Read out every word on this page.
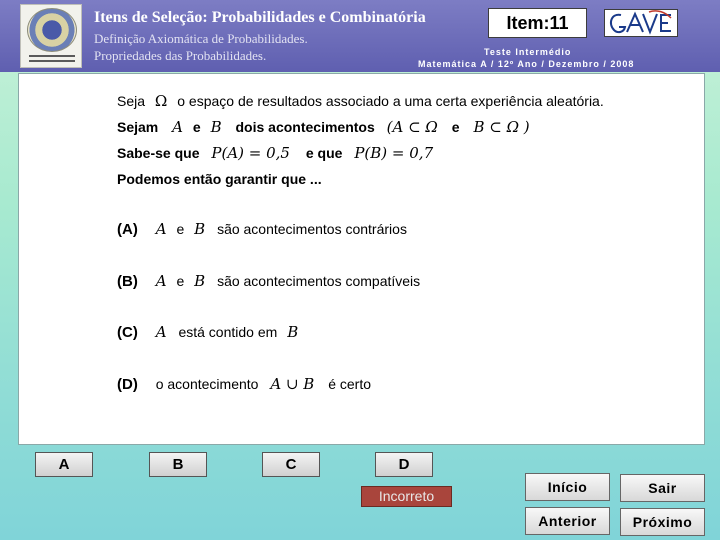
Itens de Seleção: Probabilidades e Combinatória
Definição Axiomática de Probabilidades.
Propriedades das Probabilidades.
Item:11
Teste Intermédio
Matemática A / 12º Ano / Dezembro / 2008
Seja Ω o espaço de resultados associado a uma certa experiência aleatória.
Sejam A e B dois acontecimentos (A ⊂ Ω e B ⊂ Ω )
Sabe-se que P(A) = 0,5 e que P(B) = 0,7
Podemos então garantir que ...
(A) A e B são acontecimentos contrários
(B) A e B são acontecimentos compatíveis
(C) A está contido em B
(D) o acontecimento A ∪ B é certo
A	B	C	D
Incorreto
Início	Sair
Anterior	Próximo
